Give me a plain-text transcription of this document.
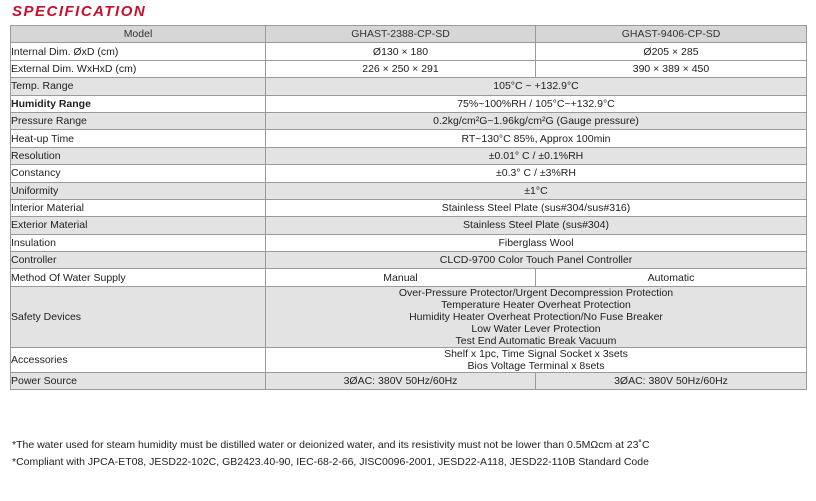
SPECIFICATION
Model	GHAST-2388-CP-SD	GHAST-9406-CP-SD
Internal Dim. ØxD (cm)	Ø130 × 180	Ø205 × 285
External Dim. WxHxD (cm)	226 × 250 × 291	390 × 389 × 450
Temp. Range	105°C ~ +132.9°C	
Humidity Range	75%~100%RH / 105°C~+132.9°C	
Pressure Range	0.2kg/cm²G~1.96kg/cm²G (Gauge pressure)	
Heat-up Time	RT~130°C 85%, Approx 100min	
Resolution	±0.01° C / ±0.1%RH	
Constancy	±0.3° C / ±3%RH	
Uniformity	±1°C	
Interior Material	Stainless Steel Plate (sus#304/sus#316)	
Exterior Material	Stainless Steel Plate (sus#304)	
Insulation	Fiberglass Wool	
Controller	CLCD-9700 Color Touch Panel Controller	
Method Of Water Supply	Manual	Automatic
Safety Devices	Over-Pressure Protector/Urgent Decompression Protection
Temperature Heater Overheat Protection
Humidity Heater Overheat Protection/No Fuse Breaker
Low Water Lever Protection
Test End Automatic Break Vacuum	

Accessories	Shelf x 1pc, Time Signal Socket x 3sets
Bios Voltage Terminal x 8sets	

Power Source	3ØAC: 380V 50Hz/60Hz	3ØAC: 380V 50Hz/60Hz
*The water used for steam humidity must be distilled water or deionized water, and its resistivity must not be lower than 0.5MΩcm at 23˚C
*Compliant with JPCA-ET08, JESD22-102C, GB2423.40-90, IEC-68-2-66, JISC0096-2001, JESD22-A118, JESD22-110B Standard Code
